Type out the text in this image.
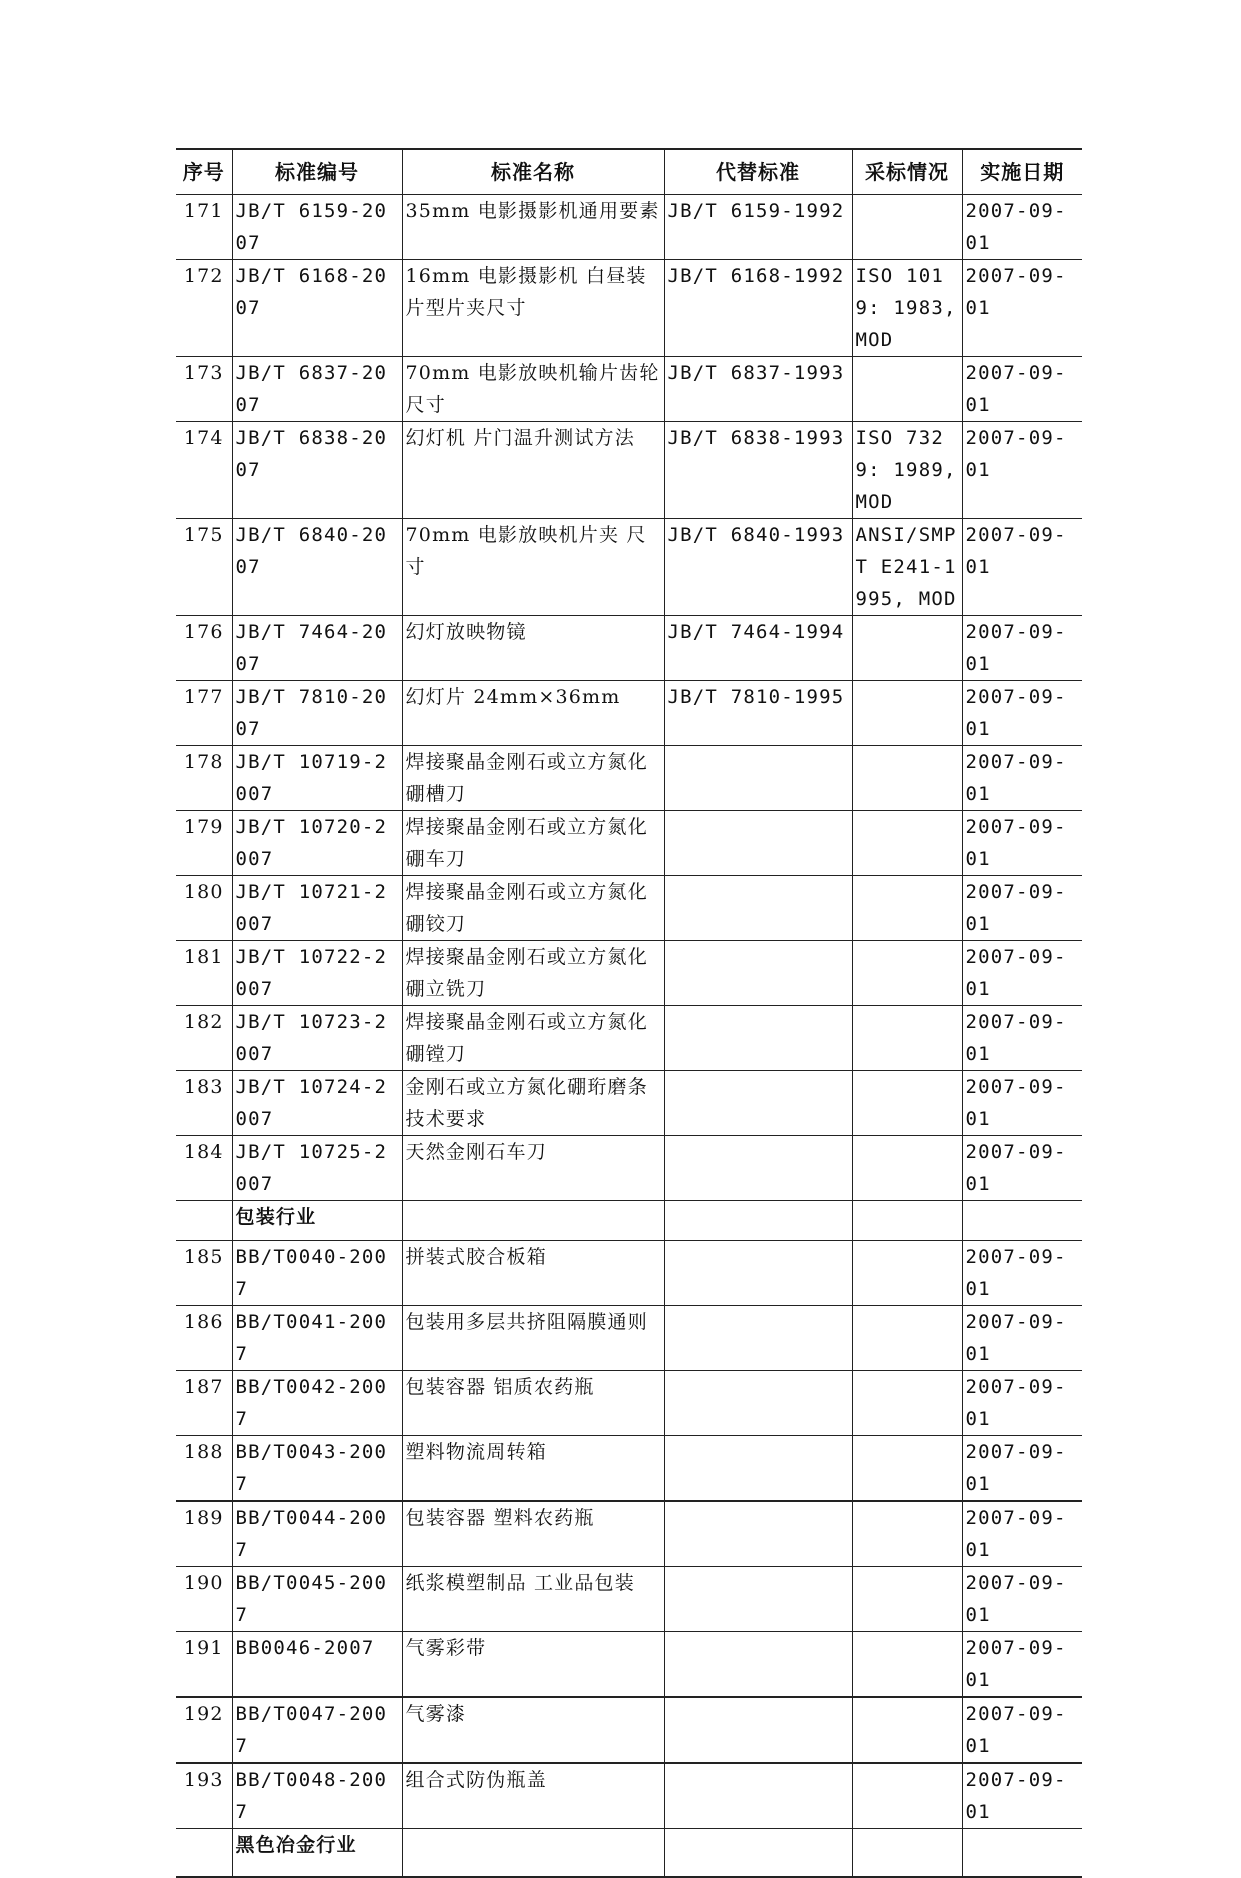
序号	标准编号	标准名称	代替标准	采标情况	实施日期
171	JB/T 6159-2007	35mm 电影摄影机通用要素	JB/T 6159-1992		2007-09-01
172	JB/T 6168-2007	16mm 电影摄影机 白昼装片型片夹尺寸	JB/T 6168-1992	ISO 1019: 1983, MOD	2007-09-01
173	JB/T 6837-2007	70mm 电影放映机输片齿轮尺寸	JB/T 6837-1993		2007-09-01
174	JB/T 6838-2007	幻灯机 片门温升测试方法	JB/T 6838-1993	ISO 7329: 1989, MOD	2007-09-01
175	JB/T 6840-2007	70mm 电影放映机片夹 尺寸	JB/T 6840-1993	ANSI/SMPT E241-1995, MOD	2007-09-01
176	JB/T 7464-2007	幻灯放映物镜	JB/T 7464-1994		2007-09-01
177	JB/T 7810-2007	幻灯片 24mm×36mm	JB/T 7810-1995		2007-09-01
178	JB/T 10719-2007	焊接聚晶金刚石或立方氮化硼槽刀			2007-09-01
179	JB/T 10720-2007	焊接聚晶金刚石或立方氮化硼车刀			2007-09-01
180	JB/T 10721-2007	焊接聚晶金刚石或立方氮化硼铰刀			2007-09-01
181	JB/T 10722-2007	焊接聚晶金刚石或立方氮化硼立铣刀			2007-09-01
182	JB/T 10723-2007	焊接聚晶金刚石或立方氮化硼镗刀			2007-09-01
183	JB/T 10724-2007	金刚石或立方氮化硼珩磨条 技术要求			2007-09-01
184	JB/T 10725-2007	天然金刚石车刀			2007-09-01
	包装行业				
185	BB/T0040-2007	拼装式胶合板箱			2007-09-01
186	BB/T0041-2007	包装用多层共挤阻隔膜通则			2007-09-01
187	BB/T0042-2007	包装容器 铝质农药瓶			2007-09-01
188	BB/T0043-2007	塑料物流周转箱			2007-09-01
189	BB/T0044-2007	包装容器 塑料农药瓶			2007-09-01
190	BB/T0045-2007	纸浆模塑制品 工业品包装			2007-09-01
191	BB0046-2007	气雾彩带			2007-09-01
192	BB/T0047-2007	气雾漆			2007-09-01
193	BB/T0048-2007	组合式防伪瓶盖			2007-09-01
	黑色冶金行业				
